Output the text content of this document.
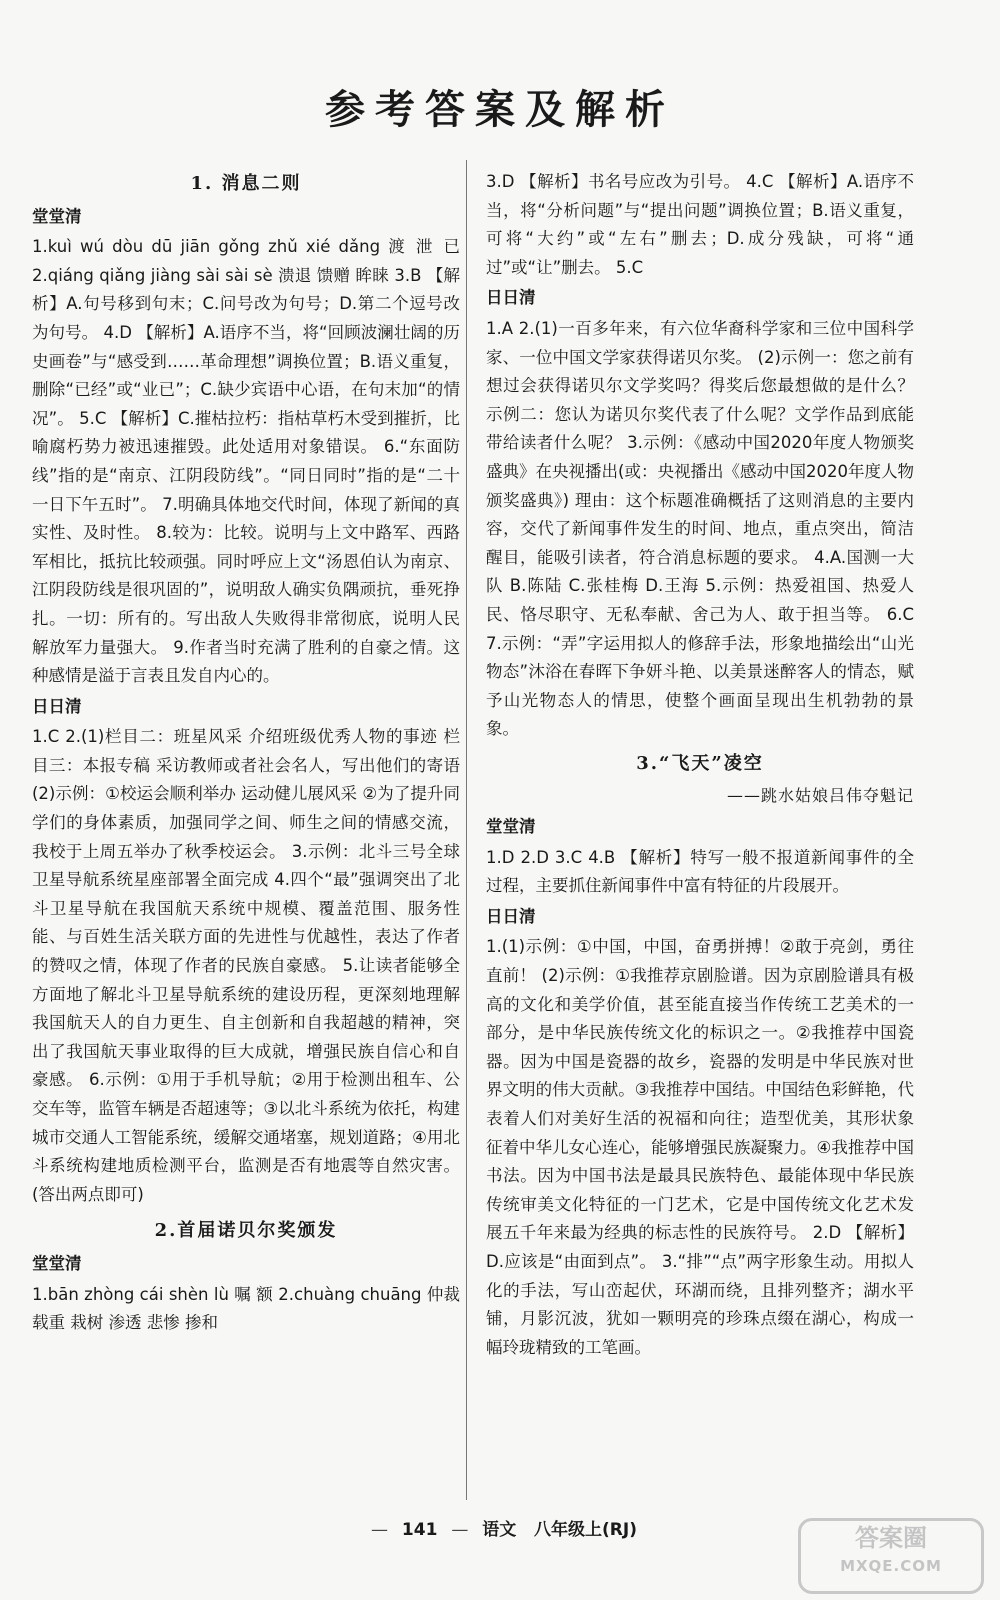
参考答案及解析
1. 消息二则
堂堂清

1.kuì wú dòu dū jiān gǒng zhǔ xié dǎng 渡 泄 已 2.qiáng qiǎng jiàng sài sài sè 溃退 馈赠 眸睐 3.B 【解析】A.句号移到句末；C.问号改为句号；D.第二个逗号改为句号。 4.D 【解析】A.语序不当，将“回顾波澜壮阔的历史画卷”与“感受到……革命理想”调换位置；B.语义重复，删除“已经”或“业已”；C.缺少宾语中心语，在句末加“的情况”。 5.C 【解析】C.摧枯拉朽：指枯草朽木受到摧折，比喻腐朽势力被迅速摧毁。此处适用对象错误。 6.“东面防线”指的是“南京、江阴段防线”。“同日同时”指的是“二十一日下午五时”。 7.明确具体地交代时间，体现了新闻的真实性、及时性。 8.较为：比较。说明与上文中路军、西路军相比，抵抗比较顽强。同时呼应上文“汤恩伯认为南京、江阴段防线是很巩固的”，说明敌人确实负隅顽抗，垂死挣扎。一切：所有的。写出敌人失败得非常彻底，说明人民解放军力量强大。 9.作者当时充满了胜利的自豪之情。这种感情是溢于言表且发自内心的。

日日清

1.C 2.(1)栏目二：班星风采 介绍班级优秀人物的事迹 栏目三：本报专稿 采访教师或者社会名人，写出他们的寄语 (2)示例：①校运会顺利举办 运动健儿展风采 ②为了提升同学们的身体素质，加强同学之间、师生之间的情感交流，我校于上周五举办了秋季校运会。 3.示例：北斗三号全球卫星导航系统星座部署全面完成 4.四个“最”强调突出了北斗卫星导航在我国航天系统中规模、覆盖范围、服务性能、与百姓生活关联方面的先进性与优越性，表达了作者的赞叹之情，体现了作者的民族自豪感。 5.让读者能够全方面地了解北斗卫星导航系统的建设历程，更深刻地理解我国航天人的自力更生、自主创新和自我超越的精神，突出了我国航天事业取得的巨大成就，增强民族自信心和自豪感。 6.示例：①用于手机导航；②用于检测出租车、公交车等，监管车辆是否超速等；③以北斗系统为依托，构建城市交通人工智能系统，缓解交通堵塞，规划道路；④用北斗系统构建地质检测平台，监测是否有地震等自然灾害。(答出两点即可)

2.首届诺贝尔奖颁发
堂堂清

1.bān zhòng cái shèn lù 嘱 额 2.chuàng chuāng 仲裁 载重 栽树 渗透 悲惨 掺和

3.D 【解析】书名号应改为引号。 4.C 【解析】A.语序不当，将“分析问题”与“提出问题”调换位置；B.语义重复，可将“大约”或“左右”删去；D.成分残缺，可将“通过”或“让”删去。 5.C

日日清

1.A 2.(1)一百多年来，有六位华裔科学家和三位中国科学家、一位中国文学家获得诺贝尔奖。 (2)示例一：您之前有想过会获得诺贝尔文学奖吗？得奖后您最想做的是什么？ 示例二：您认为诺贝尔奖代表了什么呢？文学作品到底能带给读者什么呢？ 3.示例：《感动中国2020年度人物颁奖盛典》在央视播出(或：央视播出《感动中国2020年度人物颁奖盛典》) 理由：这个标题准确概括了这则消息的主要内容，交代了新闻事件发生的时间、地点，重点突出，简洁醒目，能吸引读者，符合消息标题的要求。 4.A.国测一大队 B.陈陆 C.张桂梅 D.王海 5.示例：热爱祖国、热爱人民、恪尽职守、无私奉献、舍己为人、敢于担当等。 6.C 7.示例：“弄”字运用拟人的修辞手法，形象地描绘出“山光物态”沐浴在春晖下争妍斗艳、以美景迷醉客人的情态，赋予山光物态人的情思，使整个画面呈现出生机勃勃的景象。

3.“飞天”凌空
——跳水姑娘吕伟夺魁记
堂堂清

1.D 2.D 3.C 4.B 【解析】特写一般不报道新闻事件的全过程，主要抓住新闻事件中富有特征的片段展开。

日日清

1.(1)示例：①中国，中国，奋勇拼搏！②敢于亮剑，勇往直前！ (2)示例：①我推荐京剧脸谱。因为京剧脸谱具有极高的文化和美学价值，甚至能直接当作传统工艺美术的一部分，是中华民族传统文化的标识之一。②我推荐中国瓷器。因为中国是瓷器的故乡，瓷器的发明是中华民族对世界文明的伟大贡献。③我推荐中国结。中国结色彩鲜艳，代表着人们对美好生活的祝福和向往；造型优美，其形状象征着中华儿女心连心，能够增强民族凝聚力。④我推荐中国书法。因为中国书法是最具民族特色、最能体现中华民族传统审美文化特征的一门艺术，它是中国传统文化艺术发展五千年来最为经典的标志性的民族符号。 2.D 【解析】D.应该是“由面到点”。 3.“排”“点”两字形象生动。用拟人化的手法，写山峦起伏，环湖而绕，且排列整齐；湖水平铺，月影沉波，犹如一颗明亮的珍珠点缀在湖心，构成一幅玲珑精致的工笔画。

— 141 — 语文 八年级上(RJ)	答案圈
MXQE.COM
